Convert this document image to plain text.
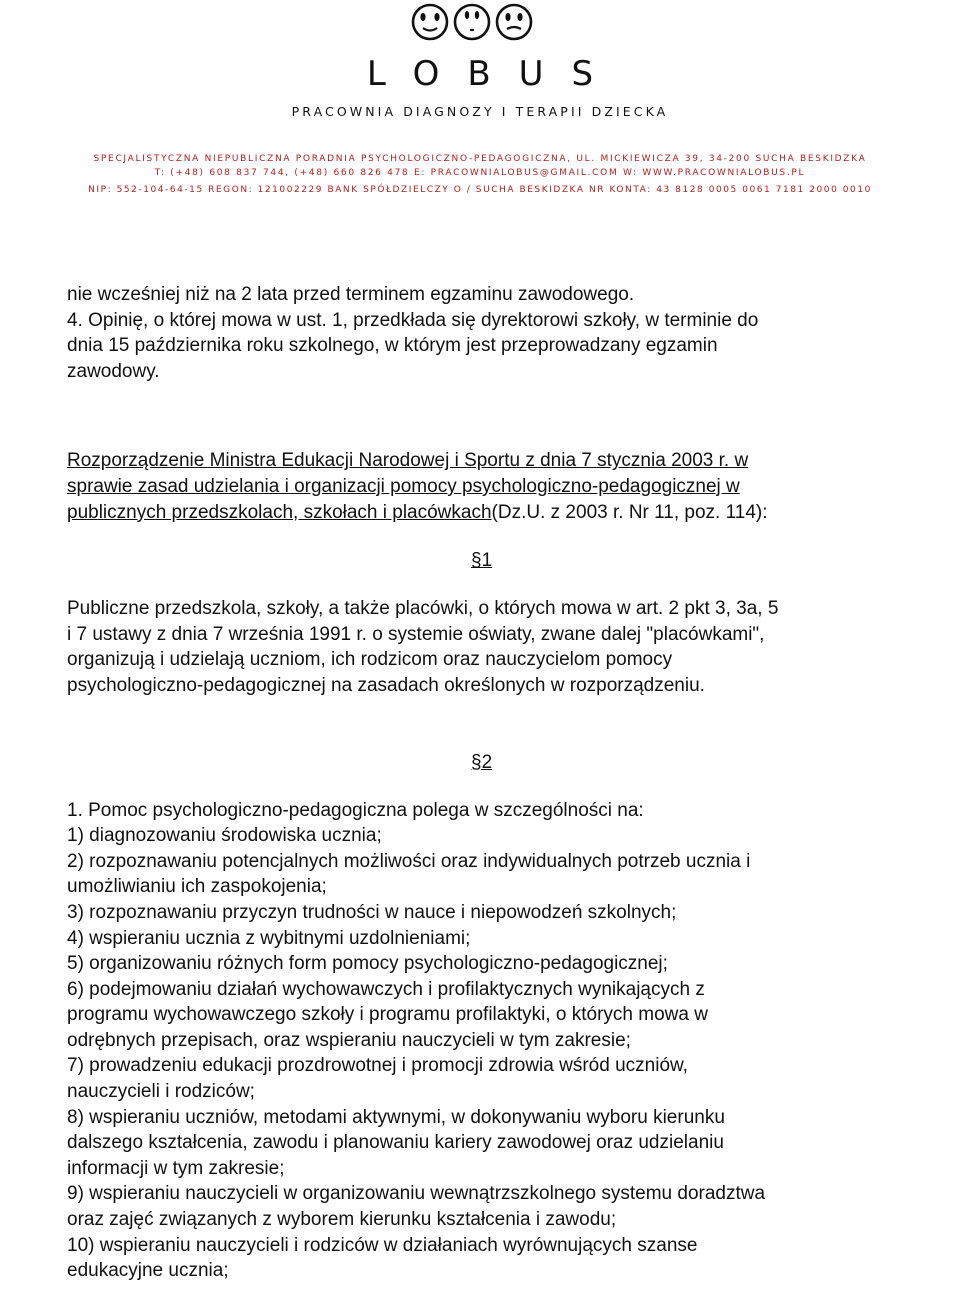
LOBUS
PRACOWNIA DIAGNOZY I TERAPII DZIECKA
SPECJALISTYCZNA NIEPUBLICZNA PORADNIA PSYCHOLOGICZNO-PEDAGOGICZNA, UL. MICKIEWICZA 39, 34-200 SUCHA BESKIDZKA
T: (+48) 608 837 744, (+48) 660 826 478 E: PRACOWNIALOBUS@GMAIL.COM W: WWW.PRACOWNIALOBUS.PL
NIP: 552-104-64-15 REGON: 121002229 BANK SPÓŁDZIELCZY O / SUCHA BESKIDZKA NR KONTA: 43 8128 0005 0061 7181 2000 0010

nie wcześniej niż na 2 lata przed terminem egzaminu zawodowego.

4. Opinię, o której mowa w ust. 1, przedkłada się dyrektorowi szkoły, w terminie do

dnia 15 października roku szkolnego, w którym jest przeprowadzany egzamin

zawodowy.

Rozporządzenie Ministra Edukacji Narodowej i Sportu z dnia 7 stycznia 2003 r. w

sprawie zasad udzielania i organizacji pomocy psychologiczno-pedagogicznej w

publicznych przedszkolach, szkołach i placówkach(Dz.U. z 2003 r. Nr 11, poz. 114):

§1

Publiczne przedszkola, szkoły, a także placówki, o których mowa w art. 2 pkt 3, 3a, 5

i 7 ustawy z dnia 7 września 1991 r. o systemie oświaty, zwane dalej "placówkami",

organizują i udzielają uczniom, ich rodzicom oraz nauczycielom pomocy

psychologiczno-pedagogicznej na zasadach określonych w rozporządzeniu.

§2

1. Pomoc psychologiczno-pedagogiczna polega w szczególności na:

1) diagnozowaniu środowiska ucznia;

2) rozpoznawaniu potencjalnych możliwości oraz indywidualnych potrzeb ucznia i

umożliwianiu ich zaspokojenia;

3) rozpoznawaniu przyczyn trudności w nauce i niepowodzeń szkolnych;

4) wspieraniu ucznia z wybitnymi uzdolnieniami;

5) organizowaniu różnych form pomocy psychologiczno-pedagogicznej;

6) podejmowaniu działań wychowawczych i profilaktycznych wynikających z

programu wychowawczego szkoły i programu profilaktyki, o których mowa w

odrębnych przepisach, oraz wspieraniu nauczycieli w tym zakresie;

7) prowadzeniu edukacji prozdrowotnej i promocji zdrowia wśród uczniów,

nauczycieli i rodziców;

8) wspieraniu uczniów, metodami aktywnymi, w dokonywaniu wyboru kierunku

dalszego kształcenia, zawodu i planowaniu kariery zawodowej oraz udzielaniu

informacji w tym zakresie;

9) wspieraniu nauczycieli w organizowaniu wewnątrzszkolnego systemu doradztwa

oraz zajęć związanych z wyborem kierunku kształcenia i zawodu;

10) wspieraniu nauczycieli i rodziców w działaniach wyrównujących szanse

edukacyjne ucznia;
